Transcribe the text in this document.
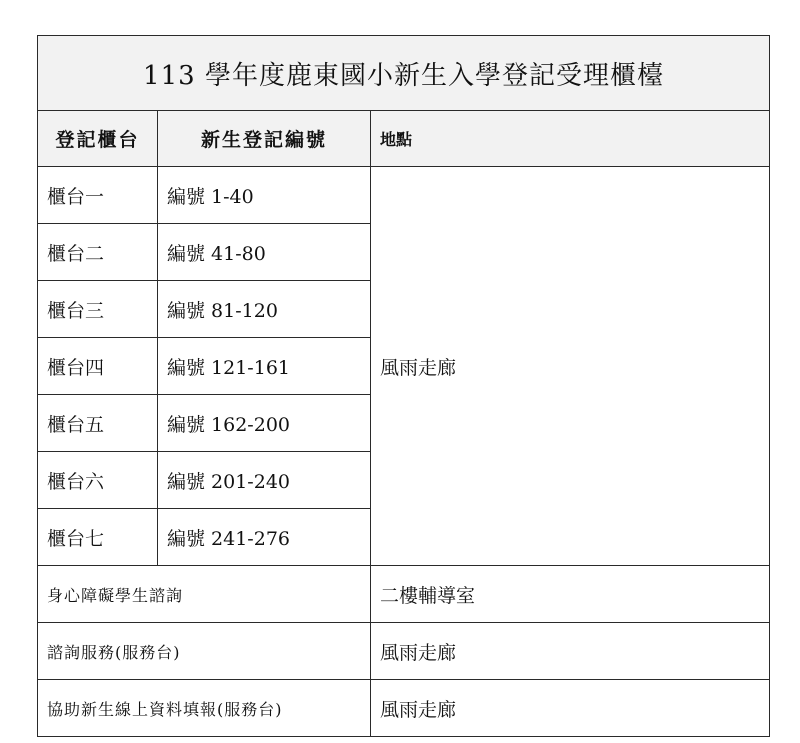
113 學年度鹿東國小新生入學登記受理櫃檯		
登記櫃台	新生登記編號	地點
櫃台一	編號 1-40	風雨走廊
櫃台二	編號 41-80	
櫃台三	編號 81-120	
櫃台四	編號 121-161	
櫃台五	編號 162-200	
櫃台六	編號 201-240	
櫃台七	編號 241-276	
身心障礙學生諮詢		二樓輔導室
諮詢服務(服務台)		風雨走廊
協助新生線上資料填報(服務台)		風雨走廊
